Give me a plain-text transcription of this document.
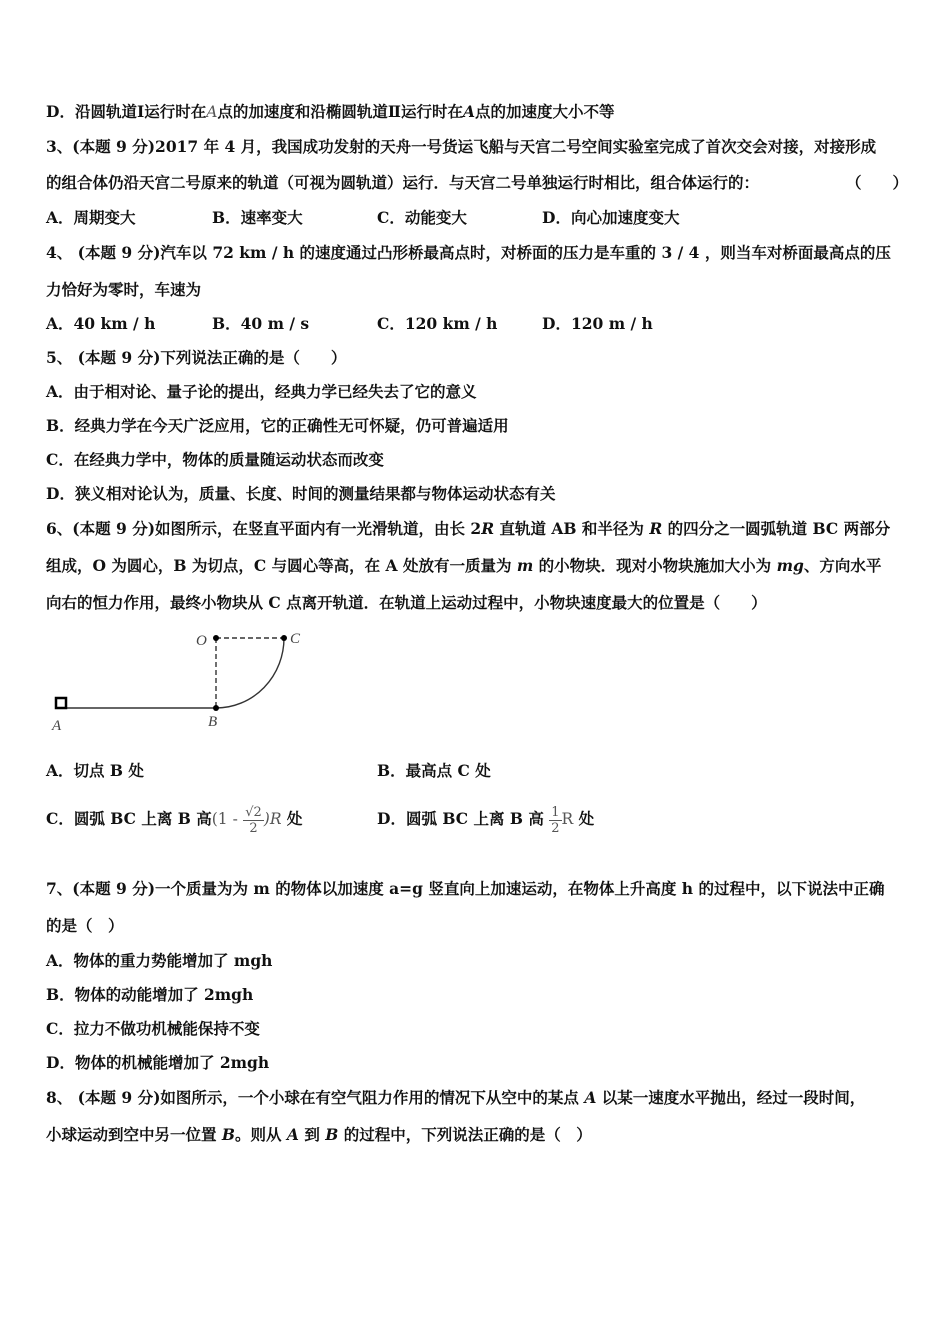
D．沿圆轨道Ⅰ运行时在A点的加速度和沿椭圆轨道Ⅱ运行时在A点的加速度大小不等
3、(本题 9 分)2017 年 4 月，我国成功发射的天舟一号货运飞船与天宫二号空间实验室完成了首次交会对接，对接形成
的组合体仍沿天宫二号原来的轨道（可视为圆轨道）运行．与天宫二号单独运行时相比，组合体运行的：	（　　）
A．周期变大	B．速率变大	C．动能变大	D．向心加速度变大
4、 (本题 9 分)汽车以 72 km / h 的速度通过凸形桥最高点时，对桥面的压力是车重的 3 / 4 ，则当车对桥面最高点的压
力恰好为零时，车速为
A．40 km / h	B．40 m / s	C．120 km / h	D．120 m / h
5、 (本题 9 分)下列说法正确的是（　　）
A．由于相对论、量子论的提出，经典力学已经失去了它的意义
B．经典力学在今天广泛应用，它的正确性无可怀疑，仍可普遍适用
C．在经典力学中，物体的质量随运动状态而改变
D．狭义相对论认为，质量、长度、时间的测量结果都与物体运动状态有关
6、(本题 9 分)如图所示，在竖直平面内有一光滑轨道，由长 2R 直轨道 AB 和半径为 R 的四分之一圆弧轨道 BC 两部分
组成，O 为圆心，B 为切点，C 与圆心等高，在 A 处放有一质量为 m 的小物块．现对小物块施加大小为 mg、方向水平
向右的恒力作用，最终小物块从 C 点离开轨道．在轨道上运动过程中，小物块速度最大的位置是（　　）
O	C
A	B
A．切点 B 处	B．最高点 C 处
C．圆弧 BC 上离 B 高$(1 - \frac{√2}{2} )R$ 处	D．圆弧 BC 上离 B 高 $\frac{1}{2}$ R 处
7、(本题 9 分)一个质量为为 m 的物体以加速度 a=g 竖直向上加速运动，在物体上升高度 h 的过程中，以下说法中正确
的是（　）
A．物体的重力势能增加了 mgh
B．物体的动能增加了 2mgh
C．拉力不做功机械能保持不变
D．物体的机械能增加了 2mgh
8、 (本题 9 分)如图所示，一个小球在有空气阻力作用的情况下从空中的某点 A 以某一速度水平抛出，经过一段时间，
小球运动到空中另一位置 B。则从 A 到 B 的过程中，下列说法正确的是（　）
